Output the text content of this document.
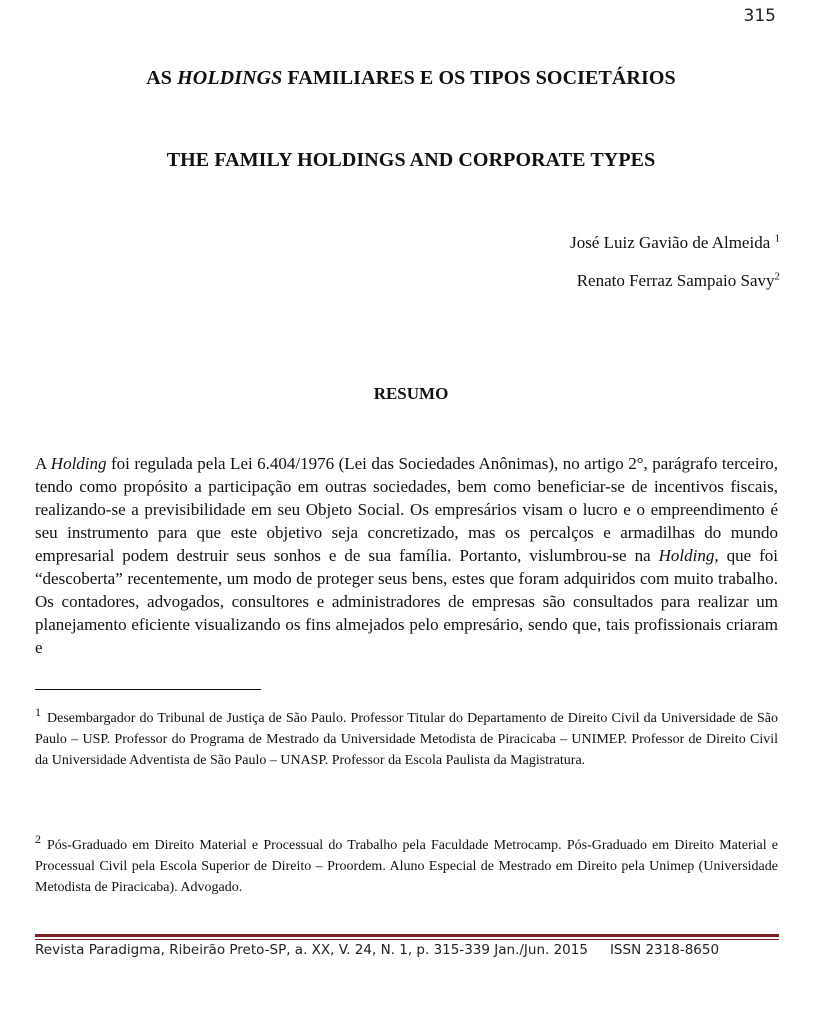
315
AS HOLDINGS FAMILIARES E OS TIPOS SOCIETÁRIOS
THE FAMILY HOLDINGS AND CORPORATE TYPES
José Luiz Gavião de Almeida $^1$
Renato Ferraz Sampaio Savy$^2$
RESUMO
A Holding foi regulada pela Lei 6.404/1976 (Lei das Sociedades Anônimas), no artigo 2°, parágrafo terceiro, tendo como propósito a participação em outras sociedades, bem como beneficiar-se de incentivos fiscais, realizando-se a previsibilidade em seu Objeto Social. Os empresários visam o lucro e o empreendimento é seu instrumento para que este objetivo seja concretizado, mas os percalços e armadilhas do mundo empresarial podem destruir seus sonhos e de sua família. Portanto, vislumbrou-se na Holding, que foi “descoberta” recentemente, um modo de proteger seus bens, estes que foram adquiridos com muito trabalho. Os contadores, advogados, consultores e administradores de empresas são consultados para realizar um planejamento eficiente visualizando os fins almejados pelo empresário, sendo que, tais profissionais criaram e
1 Desembargador do Tribunal de Justiça de São Paulo. Professor Titular do Departamento de Direito Civil da Universidade de São Paulo – USP. Professor do Programa de Mestrado da Universidade Metodista de Piracicaba – UNIMEP. Professor de Direito Civil da Universidade Adventista de São Paulo – UNASP. Professor da Escola Paulista da Magistratura.
2 Pós-Graduado em Direito Material e Processual do Trabalho pela Faculdade Metrocamp. Pós-Graduado em Direito Material e Processual Civil pela Escola Superior de Direito – Proordem. Aluno Especial de Mestrado em Direito pela Unimep (Universidade Metodista de Piracicaba). Advogado.
Revista Paradigma, Ribeirão Preto-SP, a. XX, V. 24, N. 1, p. 315-339 Jan./Jun. 2015 ISSN 2318-8650
